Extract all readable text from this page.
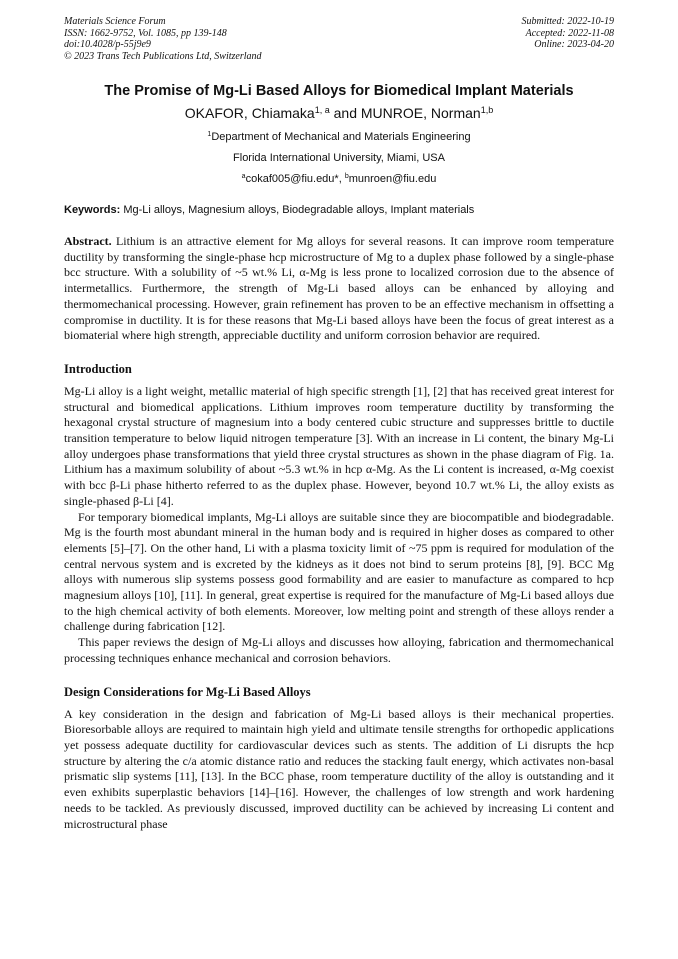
Materials Science Forum
ISSN: 1662-9752, Vol. 1085, pp 139-148
doi:10.4028/p-55j9e9
© 2023 Trans Tech Publications Ltd, Switzerland
Submitted: 2022-10-19
Accepted: 2022-11-08
Online: 2023-04-20
The Promise of Mg-Li Based Alloys for Biomedical Implant Materials
OKAFOR, Chiamaka$^{1, a}$ and MUNROE, Norman$^{1,b}$
$^1$Department of Mechanical and Materials Engineering
Florida International University, Miami, USA
$^a$cokaf005@fiu.edu*, $^b$munroen@fiu.edu
Keywords: Mg-Li alloys, Magnesium alloys, Biodegradable alloys, Implant materials
Abstract. Lithium is an attractive element for Mg alloys for several reasons. It can improve room temperature ductility by transforming the single-phase hcp microstructure of Mg to a duplex phase followed by a single-phase bcc structure. With a solubility of ~5 wt.% Li, α-Mg is less prone to localized corrosion due to the absence of intermetallics. Furthermore, the strength of Mg-Li based alloys can be enhanced by alloying and thermomechanical processing. However, grain refinement has proven to be an effective mechanism in offsetting a compromise in ductility. It is for these reasons that Mg-Li based alloys have been the focus of great interest as a biomaterial where high strength, appreciable ductility and uniform corrosion behavior are required.
Introduction

Mg-Li alloy is a light weight, metallic material of high specific strength [1], [2] that has received great interest for structural and biomedical applications. Lithium improves room temperature ductility by transforming the hexagonal crystal structure of magnesium into a body centered cubic structure and suppresses brittle to ductile transition temperature to below liquid nitrogen temperature [3]. With an increase in Li content, the binary Mg-Li alloy undergoes phase transformations that yield three crystal structures as shown in the phase diagram of Fig. 1a. Lithium has a maximum solubility of about ~5.3 wt.% in hcp α-Mg. As the Li content is increased, α-Mg coexist with bcc β-Li phase hitherto referred to as the duplex phase. However, beyond 10.7 wt.% Li, the alloy exists as single-phased β-Li [4].

For temporary biomedical implants, Mg-Li alloys are suitable since they are biocompatible and biodegradable. Mg is the fourth most abundant mineral in the human body and is required in higher doses as compared to other elements [5]–[7]. On the other hand, Li with a plasma toxicity limit of ~75 ppm is required for modulation of the central nervous system and is excreted by the kidneys as it does not bind to serum proteins [8], [9]. BCC Mg alloys with numerous slip systems possess good formability and are easier to manufacture as compared to hcp magnesium alloys [10], [11]. In general, great expertise is required for the manufacture of Mg-Li based alloys due to the high chemical activity of both elements. Moreover, low melting point and strength of these alloys render a challenge during fabrication [12].

This paper reviews the design of Mg-Li alloys and discusses how alloying, fabrication and thermomechanical processing techniques enhance mechanical and corrosion behaviors.

Design Considerations for Mg-Li Based Alloys

A key consideration in the design and fabrication of Mg-Li based alloys is their mechanical properties. Bioresorbable alloys are required to maintain high yield and ultimate tensile strengths for orthopedic applications yet possess adequate ductility for cardiovascular devices such as stents. The addition of Li disrupts the hcp structure by altering the c/a atomic distance ratio and reduces the stacking fault energy, which activates non-basal prismatic slip systems [11], [13]. In the BCC phase, room temperature ductility of the alloy is outstanding and it even exhibits superplastic behaviors [14]–[16]. However, the challenges of low strength and work hardening needs to be tackled. As previously discussed, improved ductility can be achieved by increasing Li content and microstructural phase
